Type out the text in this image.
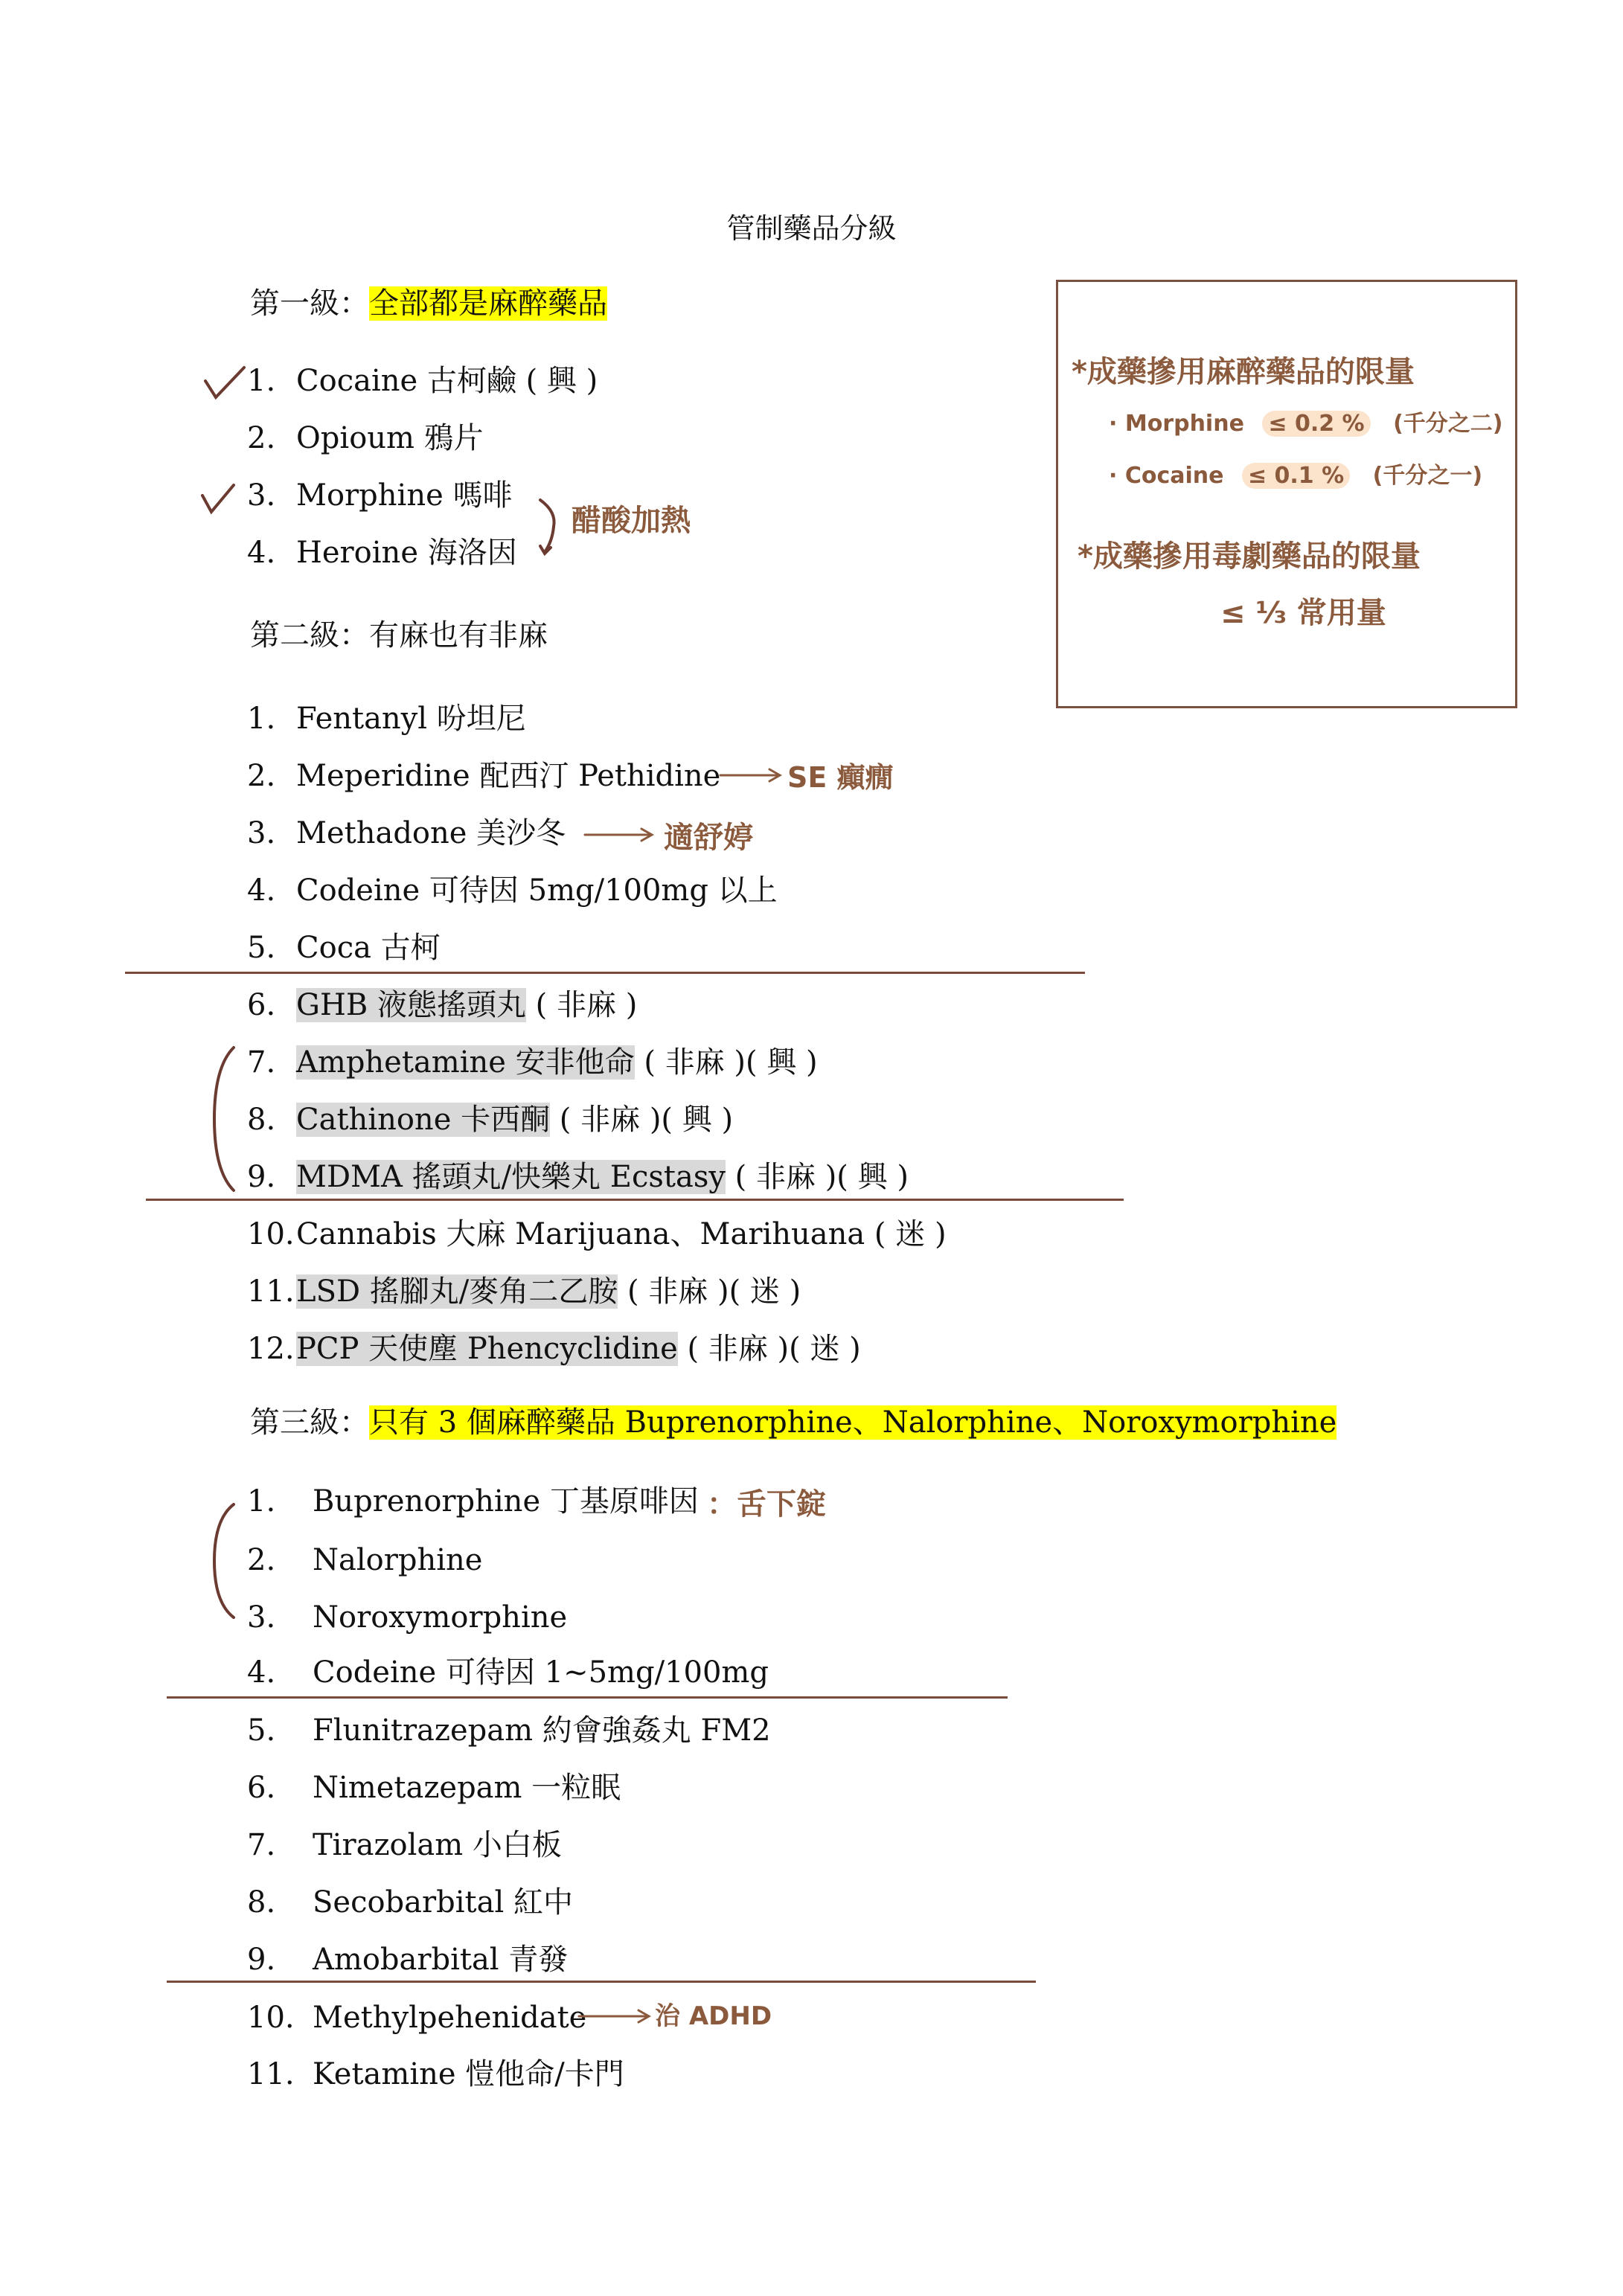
管制藥品分級
第一級：全部都是麻醉藥品
1. Cocaine 古柯鹼 ( 興 )
2. Opioum 鴉片
3. Morphine 嗎啡
4. Heroine 海洛因
醋酸加熱
第二級：有麻也有非麻
1. Fentanyl 吩坦尼
2. Meperidine 配西汀 Pethidine
3. Methadone 美沙冬
4. Codeine 可待因 5mg/100mg 以上
5. Coca 古柯
6. GHB 液態搖頭丸 ( 非麻 )
7. Amphetamine 安非他命 ( 非麻 )( 興 )
8. Cathinone 卡西酮 ( 非麻 )( 興 )
9. MDMA 搖頭丸/快樂丸 Ecstasy ( 非麻 )( 興 )
10. Cannabis 大麻 Marijuana、Marihuana ( 迷 )
11. LSD 搖腳丸/麥角二乙胺 ( 非麻 )( 迷 )
12. PCP 天使塵 Phencyclidine ( 非麻 )( 迷 )
SE 癲癇
適舒婷
第三級：只有 3 個麻醉藥品 Buprenorphine、Nalorphine、Noroxymorphine
1. Buprenorphine 丁基原啡因
2. Nalorphine
3. Noroxymorphine
4. Codeine 可待因 1~5mg/100mg
5. Flunitrazepam 約會強姦丸 FM2
6. Nimetazepam 一粒眠
7. Tirazolam 小白板
8. Secobarbital 紅中
9. Amobarbital 青發
10. Methylpehenidate
11. Ketamine 愷他命/卡門
：舌下錠
治 ADHD
*成藥摻用麻醉藥品的限量
· Morphine ≤ 0.2 % (千分之二)
· Cocaine ≤ 0.1 % (千分之一)
*成藥摻用毒劇藥品的限量
≤ ⅓ 常用量
